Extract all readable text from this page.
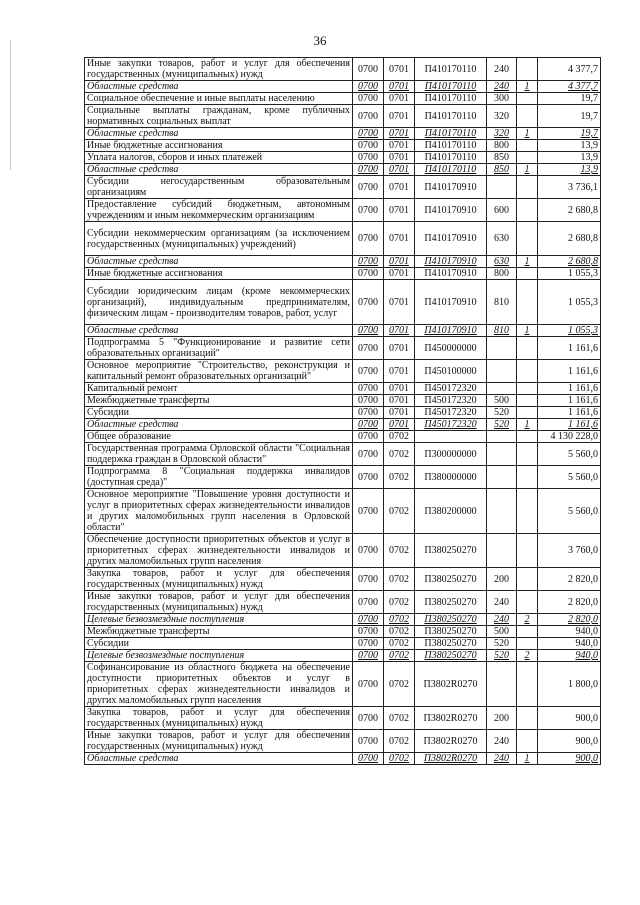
36
Иные закупки товаров, работ и услуг для обеспечения государственных (муниципальных) нужд	0700	0701	П410170110	240		4 377,7
Областные средства	0700	0701	П410170110	240	1	4 377,7
Социальное обеспечение и иные выплаты населению	0700	0701	П410170110	300		19,7
Социальные выплаты гражданам, кроме публичных нормативных социальных выплат	0700	0701	П410170110	320		19,7
Областные средства	0700	0701	П410170110	320	1	19,7
Иные бюджетные ассигнования	0700	0701	П410170110	800		13,9
Уплата налогов, сборов и иных платежей	0700	0701	П410170110	850		13,9
Областные средства	0700	0701	П410170110	850	1	13,9
Субсидии негосударственным образовательным организациям	0700	0701	П410170910			3 736,1
Предоставление субсидий бюджетным, автономным учреждениям и иным некоммерческим организациям	0700	0701	П410170910	600		2 680,8
Субсидии некоммерческим организациям (за исключением государственных (муниципальных) учреждений)	0700	0701	П410170910	630		2 680,8
Областные средства	0700	0701	П410170910	630	1	2 680,8
Иные бюджетные ассигнования	0700	0701	П410170910	800		1 055,3
Субсидии юридическим лицам (кроме некоммерческих организаций), индивидуальным предпринимателям, физическим лицам - производителям товаров, работ, услуг	0700	0701	П410170910	810		1 055,3
Областные средства	0700	0701	П410170910	810	1	1 055,3
Подпрограмма 5 "Функционирование и развитие сети образовательных организаций"	0700	0701	П450000000			1 161,6
Основное мероприятие "Строительство, реконструкция и капитальный ремонт образовательных организаций"	0700	0701	П450100000			1 161,6
Капитальный ремонт	0700	0701	П450172320			1 161,6
Межбюджетные трансферты	0700	0701	П450172320	500		1 161,6
Субсидии	0700	0701	П450172320	520		1 161,6
Областные средства	0700	0701	П450172320	520	1	1 161,6
Общее образование	0700	0702				4 130 228,0
Государственная программа Орловской области "Социальная поддержка граждан в Орловской области"	0700	0702	П300000000			5 560,0
Подпрограмма 8 "Социальная поддержка инвалидов (доступная среда)"	0700	0702	П380000000			5 560,0
Основное мероприятие "Повышение уровня доступности и услуг в приоритетных сферах жизнедеятельности инвалидов и других маломобильных групп населения в Орловской области"	0700	0702	П380200000			5 560,0
Обеспечение доступности приоритетных объектов и услуг в приоритетных сферах жизнедеятельности инвалидов и других маломобильных групп населения	0700	0702	П380250270			3 760,0
Закупка товаров, работ и услуг для обеспечения государственных (муниципальных) нужд	0700	0702	П380250270	200		2 820,0
Иные закупки товаров, работ и услуг для обеспечения государственных (муниципальных) нужд	0700	0702	П380250270	240		2 820,0
Целевые безвозмездные поступления	0700	0702	П380250270	240	2	2 820,0
Межбюджетные трансферты	0700	0702	П380250270	500		940,0
Субсидии	0700	0702	П380250270	520		940,0
Целевые безвозмездные поступления	0700	0702	П380250270	520	2	940,0
Софинансирование из областного бюджета на обеспечение доступности приоритетных объектов и услуг в приоритетных сферах жизнедеятельности инвалидов и других маломобильных групп населения	0700	0702	П3802R0270			1 800,0
Закупка товаров, работ и услуг для обеспечения государственных (муниципальных) нужд	0700	0702	П3802R0270	200		900,0
Иные закупки товаров, работ и услуг для обеспечения государственных (муниципальных) нужд	0700	0702	П3802R0270	240		900,0
Областные средства	0700	0702	П3802R0270	240	1	900,0
